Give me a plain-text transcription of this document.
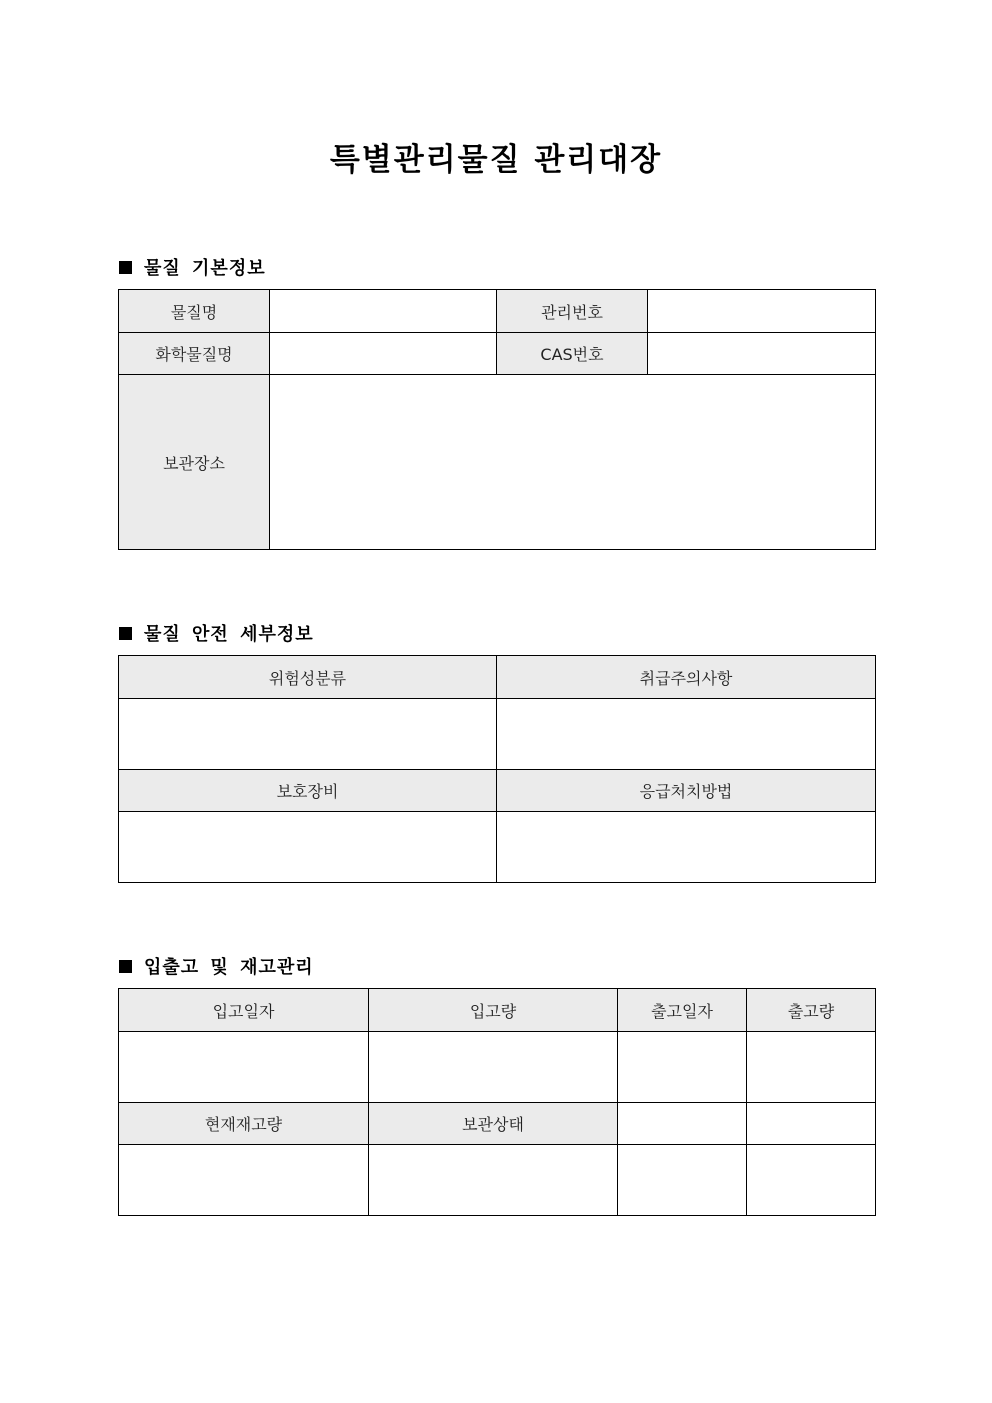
특별관리물질 관리대장
물질 기본정보
물질명		관리번호	
화학물질명		CAS번호	
보관장소			
물질 안전 세부정보
위험성분류	취급주의사항

보호장비	응급처치방법

입출고 및 재고관리
입고일자	입고량	출고일자	출고량

현재재고량	보관상태		
